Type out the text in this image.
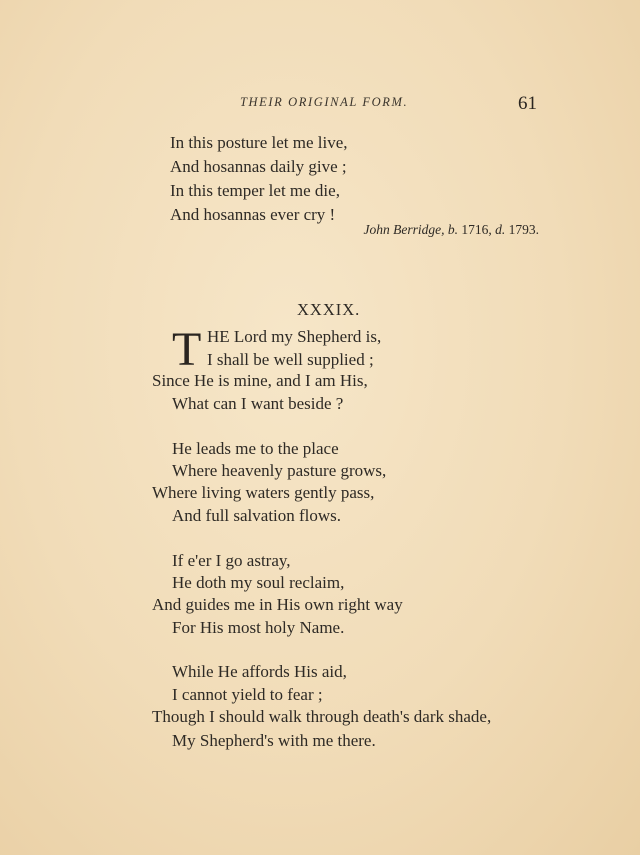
THEIR ORIGINAL FORM.	61
In this posture let me live,
And hosannas daily give ;
In this temper let me die,
And hosannas ever cry !
John Berridge, b. 1716, d. 1793.
XXXIX.
T HE Lord my Shepherd is,
I shall be well supplied ;
Since He is mine, and I am His,
What can I want beside ?
He leads me to the place
Where heavenly pasture grows,
Where living waters gently pass,
And full salvation flows.
If e'er I go astray,
He doth my soul reclaim,
And guides me in His own right way
For His most holy Name.
While He affords His aid,
I cannot yield to fear ;
Though I should walk through death's dark shade,
My Shepherd's with me there.
